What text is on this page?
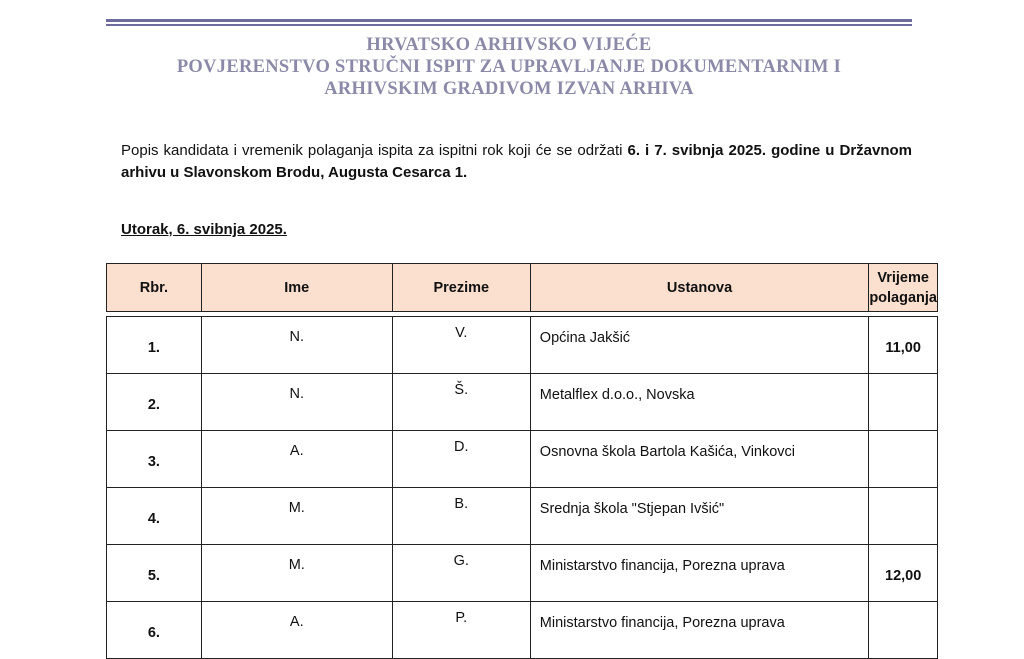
HRVATSKO ARHIVSKO VIJEĆE
POVJERENSTVO STRUČNI ISPIT ZA UPRAVLJANJE DOKUMENTARNIM I
ARHIVSKIM GRADIVOM IZVAN ARHIVA
Popis kandidata i vremenik polaganja ispita za ispitni rok koji će se održati 6. i 7. svibnja 2025. godine u Državnom arhivu u Slavonskom Brodu, Augusta Cesarca 1.
Utorak, 6. svibnja 2025.
Rbr.	Ime	Prezime	Ustanova	Vrijeme
polaganja

1.	N.	V.	Općina Jakšić	11,00
2.	N.	Š.	Metalflex d.o.o., Novska	
3.	A.	D.	Osnovna škola Bartola Kašića, Vinkovci	
4.	M.	B.	Srednja škola "Stjepan Ivšić"	
5.	M.	G.	Ministarstvo financija, Porezna uprava	12,00
6.	A.	P.	Ministarstvo financija, Porezna uprava	
